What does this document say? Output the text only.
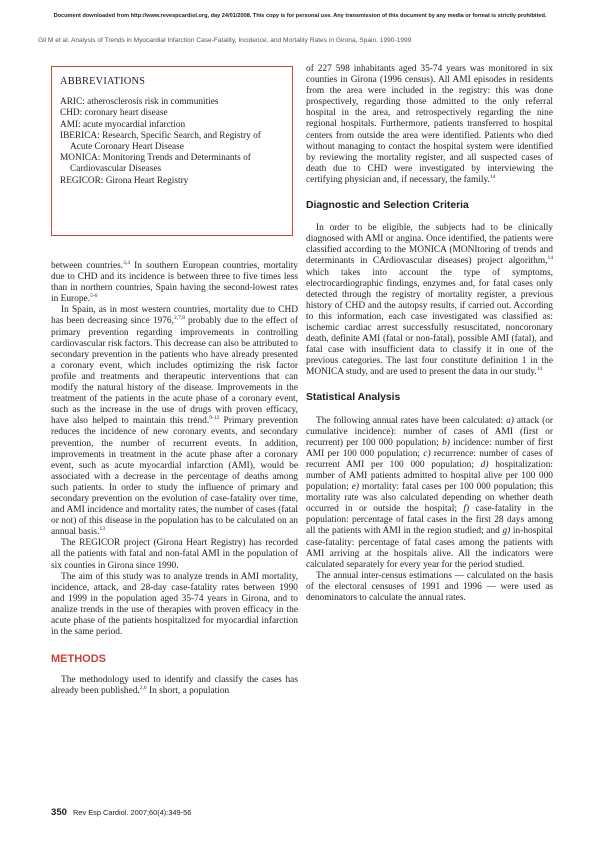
Document downloaded from http://www.revespcardiol.org, day 24/01/2008. This copy is for personal use. Any transmission of this document by any media or format is strictly prohibited.
Gil M et al. Analysis of Trends in Myocardial Infarction Case-Fatality, Incidence, and Mortality Rates in Girona, Spain, 1990-1999
ABBREVIATIONS
ARIC: atherosclerosis risk in communities
CHD: coronary heart disease
AMI: acute myocardial infarction
IBERICA: Research, Specific Search, and Registry of Acute Coronary Heart Disease
MONICA: Monitoring Trends and Determinants of Cardiovascular Diseases
REGICOR: Girona Heart Registry

between countries.$^{3,4}$ In southern European countries, mortality due to CHD and its incidence is between three to five times less than in northern countries, Spain having the second-lowest rates in Europe.$^{5-6}$

In Spain, as in most western countries, mortality due to CHD has been decreasing since 1976,$^{2,7,8}$ probably due to the effect of primary prevention regarding improvements in controlling cardiovascular risk factors. This decrease can also be attributed to secondary prevention in the patients who have already presented a coronary event, which includes optimizing the risk factor profile and treatments and therapeutic interventions that can modify the natural history of the disease. Improvements in the treatment of the patients in the acute phase of a coronary event, such as the increase in the use of drugs with proven efficacy, have also helped to maintain this trend.$^{9-12}$ Primary prevention reduces the incidence of new coronary events, and secondary prevention, the number of recurrent events. In addition, improvements in treatment in the acute phase after a coronary event, such as acute myocardial infarction (AMI), would be associated with a decrease in the percentage of deaths among such patients. In order to study the influence of primary and secondary prevention on the evolution of case-fatality over time, and AMI incidence and mortality rates, the number of cases (fatal or not) of this disease in the population has to be calculated on an annual basis.$^{13}$

The REGICOR project (Girona Heart Registry) has recorded all the patients with fatal and non-fatal AMI in the population of six counties in Girona since 1990.

The aim of this study was to analyze trends in AMI mortality, incidence, attack, and 28-day case-fatality rates between 1990 and 1999 in the population aged 35-74 years in Girona, and to analize trends in the use of therapies with proven efficacy in the acute phase of the patients hospitalized for myocardial infarction in the same period.

METHODS

The methodology used to identify and classify the cases has already been published.$^{2,6}$ In short, a population

of 227 598 inhabitants aged 35-74 years was monitored in six counties in Girona (1996 census). All AMI episodes in residents from the area were included in the registry: this was done prospectively, regarding those admitted to the only referral hospital in the area, and retrospectively regarding the nine regional hospitals. Furthermore, patients transferred to hospital centers from outside the area were identified. Patients who died without managing to contact the hospital system were identified by reviewing the mortality register, and all suspected cases of death due to CHD were investigated by interviewing the certifying physician and, if necessary, the family.$^{14}$

Diagnostic and Selection Criteria

In order to be eligible, the subjects had to be clinically diagnosed with AMI or angina. Once identified, the patients were classified according to the MONICA (MONItoring of trends and determinants in CArdiovascular diseases) project algorithm,$^{14}$ which takes into account the type of symptoms, electrocardiographic findings, enzymes and, for fatal cases only detected through the registry of mortality register, a previous history of CHD and the autopsy results, if carried out. According to this information, each case investigated was classified as: ischemic cardiac arrest successfully resuscitated, noncoronary death, definite AMI (fatal or non-fatal), possible AMI (fatal), and fatal case with insufficient data to classify it in one of the previous categories. The last four constitute definition 1 in the MONICA study, and are used to present the data in our study.$^{14}$

Statistical Analysis

The following annual rates have been calculated: a) attack (or cumulative incidence): number of cases of AMI (first or recurrent) per 100 000 population; b) incidence: number of first AMI per 100 000 population; c) recurrence: number of cases of recurrent AMI per 100 000 population; d) hospitalization: number of AMI patients admitted to hospital alive per 100 000 population; e) mortality: fatal cases per 100 000 population; this mortality rate was also calculated depending on whether death occurred in or outside the hospital; f) case-fatality in the population: percentage of fatal cases in the first 28 days among all the patients with AMI in the region studied; and g) in-hospital case-fatality: percentage of fatal cases among the patients with AMI arriving at the hospitals alive. All the indicators were calculated separately for every year for the period studied.

The annual inter-census estimations — calculated on the basis of the electoral censuses of 1991 and 1996 — were used as denominators to calculate the annual rates.

350 Rev Esp Cardiol. 2007;60(4):349-56
